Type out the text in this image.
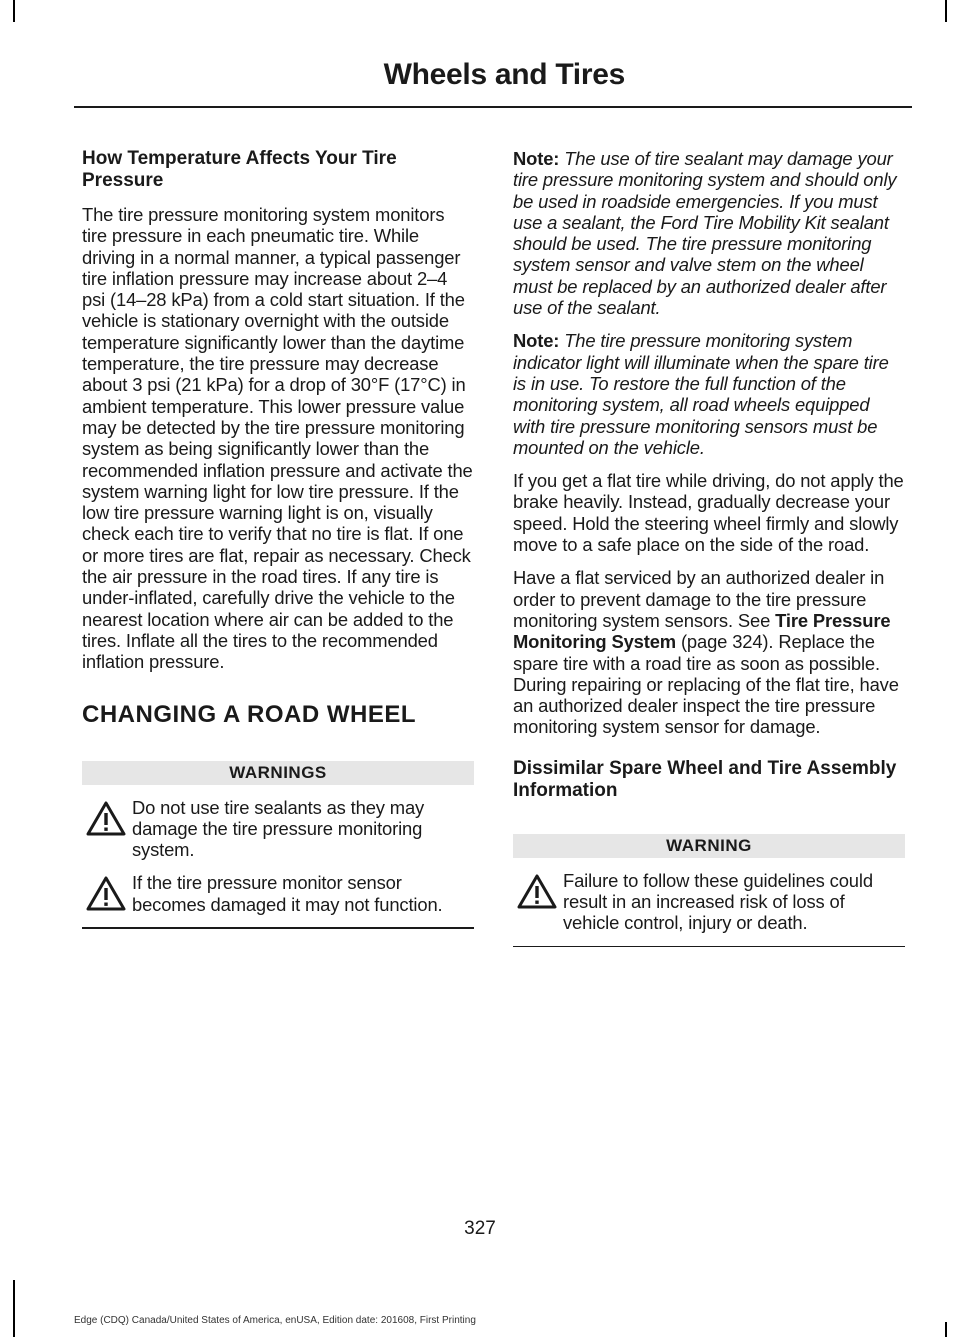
Wheels and Tires
How Temperature Affects Your Tire Pressure

The tire pressure monitoring system monitors tire pressure in each pneumatic tire. While driving in a normal manner, a typical passenger tire inflation pressure may increase about 2–4 psi (14–28 kPa) from a cold start situation. If the vehicle is stationary overnight with the outside temperature significantly lower than the daytime temperature, the tire pressure may decrease about 3 psi (21 kPa) for a drop of 30°F (17°C) in ambient temperature. This lower pressure value may be detected by the tire pressure monitoring system as being significantly lower than the recommended inflation pressure and activate the system warning light for low tire pressure. If the low tire pressure warning light is on, visually check each tire to verify that no tire is flat. If one or more tires are flat, repair as necessary. Check the air pressure in the road tires. If any tire is under-inflated, carefully drive the vehicle to the nearest location where air can be added to the tires. Inflate all the tires to the recommended inflation pressure.

CHANGING A ROAD WHEEL
WARNINGS
Do not use tire sealants as they may damage the tire pressure monitoring system.
If the tire pressure monitor sensor becomes damaged it may not function.

Note: The use of tire sealant may damage your tire pressure monitoring system and should only be used in roadside emergencies. If you must use a sealant, the Ford Tire Mobility Kit sealant should be used. The tire pressure monitoring system sensor and valve stem on the wheel must be replaced by an authorized dealer after use of the sealant.

Note: The tire pressure monitoring system indicator light will illuminate when the spare tire is in use. To restore the full function of the monitoring system, all road wheels equipped with tire pressure monitoring sensors must be mounted on the vehicle.

If you get a flat tire while driving, do not apply the brake heavily. Instead, gradually decrease your speed. Hold the steering wheel firmly and slowly move to a safe place on the side of the road.

Have a flat serviced by an authorized dealer in order to prevent damage to the tire pressure monitoring system sensors. See Tire Pressure Monitoring System (page 324). Replace the spare tire with a road tire as soon as possible. During repairing or replacing of the flat tire, have an authorized dealer inspect the tire pressure monitoring system sensor for damage.

Dissimilar Spare Wheel and Tire Assembly Information
WARNING
Failure to follow these guidelines could result in an increased risk of loss of vehicle control, injury or death.
327
Edge (CDQ) Canada/United States of America, enUSA, Edition date: 201608, First Printing
